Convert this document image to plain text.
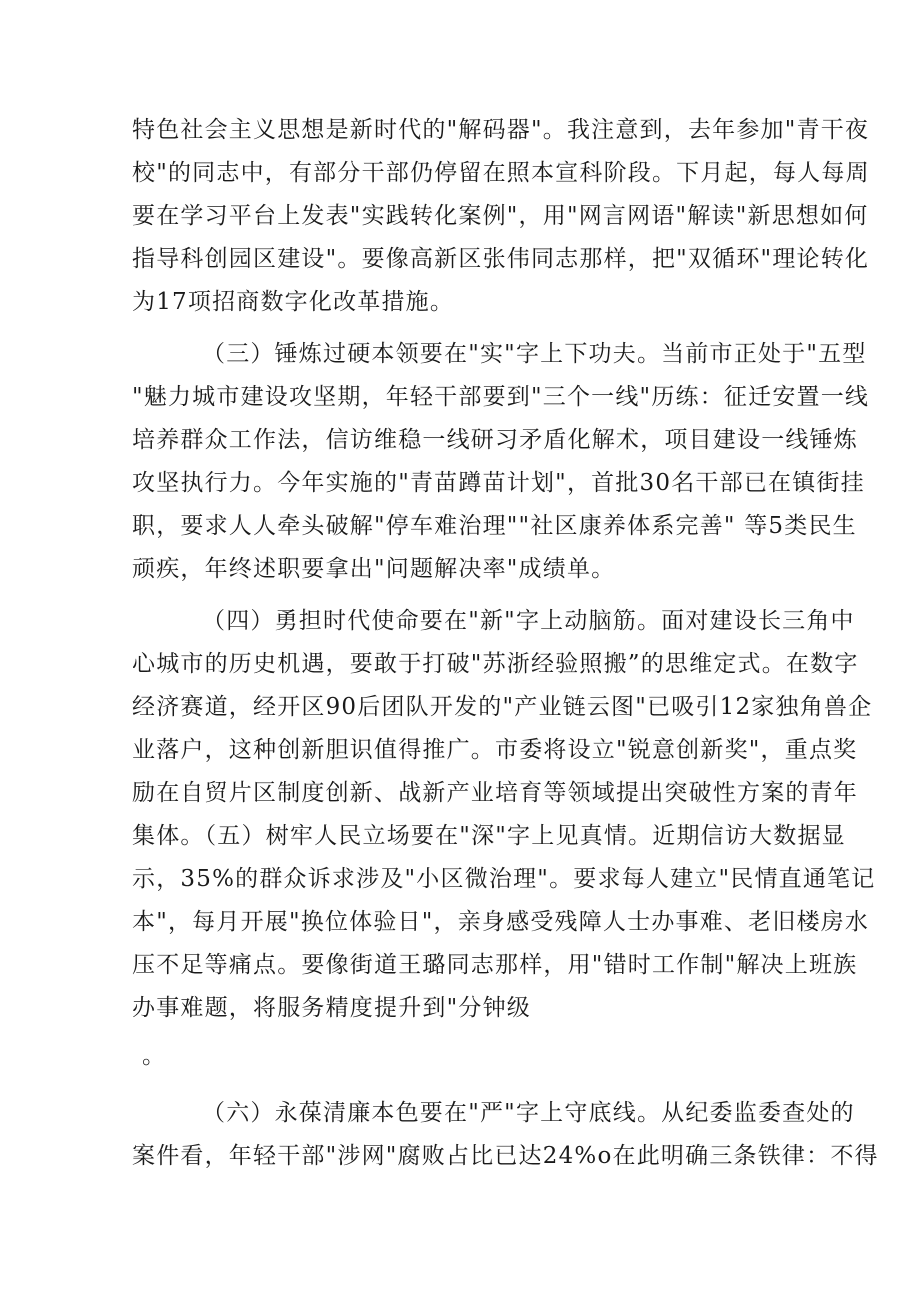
特色社会主义思想是新时代的"解码器"。我注意到，去年参加"青干夜
校"的同志中，有部分干部仍停留在照本宣科阶段。下月起，每人每周
要在学习平台上发表"实践转化案例"，用"网言网语"解读"新思想如何
指导科创园区建设"。要像高新区张伟同志那样，把"双循环"理论转化
为17项招商数字化改革措施。
（三）锤炼过硬本领要在"实"字上下功夫。当前市正处于"五型
"魅力城市建设攻坚期，年轻干部要到"三个一线"历练：征迁安置一线
培养群众工作法，信访维稳一线研习矛盾化解术，项目建设一线锤炼
攻坚执行力。今年实施的"青苗蹲苗计划"，首批30名干部已在镇街挂
职，要求人人牵头破解"停车难治理""社区康养体系完善" 等5类民生
顽疾，年终述职要拿出"问题解决率"成绩单。
（四）勇担时代使命要在"新"字上动脑筋。面对建设长三角中
心城市的历史机遇，要敢于打破"苏浙经验照搬”的思维定式。在数字
经济赛道，经开区90后团队开发的"产业链云图"已吸引12家独角兽企
业落户，这种创新胆识值得推广。市委将设立"锐意创新奖"，重点奖
励在自贸片区制度创新、战新产业培育等领域提出突破性方案的青年
集体。（五）树牢人民立场要在"深"字上见真情。近期信访大数据显
示，35%的群众诉求涉及"小区微治理"。要求每人建立"民情直通笔记
本"，每月开展"换位体验日"，亲身感受残障人士办事难、老旧楼房水
压不足等痛点。要像街道王璐同志那样，用"错时工作制"解决上班族
办事难题，将服务精度提升到"分钟级
。
（六）永葆清廉本色要在"严"字上守底线。从纪委监委查处的
案件看，年轻干部"涉网"腐败占比已达24%o在此明确三条铁律：不得
